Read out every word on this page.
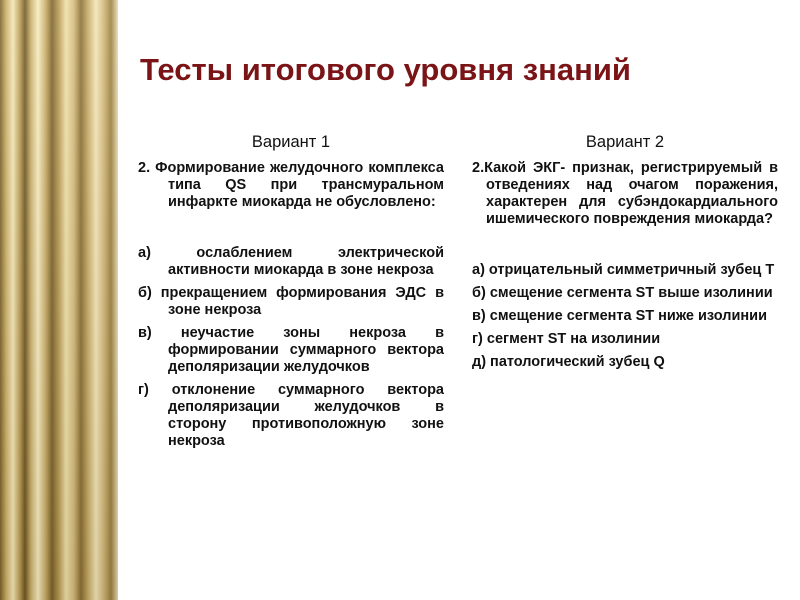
Тесты итогового уровня знаний
Вариант 1
2. Формирование желудочного комплекса типа QS при трансмуральном инфаркте миокарда не обусловлено:
а) ослаблением электрической активности миокарда в зоне некроза
б) прекращением формирования ЭДС в зоне некроза
в) неучастие зоны некроза в формировании суммарного вектора деполяризации желудочков
г) отклонение суммарного вектора деполяризации желудочков в сторону противоположную зоне некроза
Вариант 2
2.Какой ЭКГ- признак, регистрируемый в отведениях над очагом поражения, характерен для субэндокардиального ишемического повреждения миокарда?
а) отрицательный симметричный зубец Т
б) смещение сегмента ST выше изолинии
в) смещение сегмента ST ниже изолинии
г) сегмент ST на изолинии
д) патологический зубец Q
